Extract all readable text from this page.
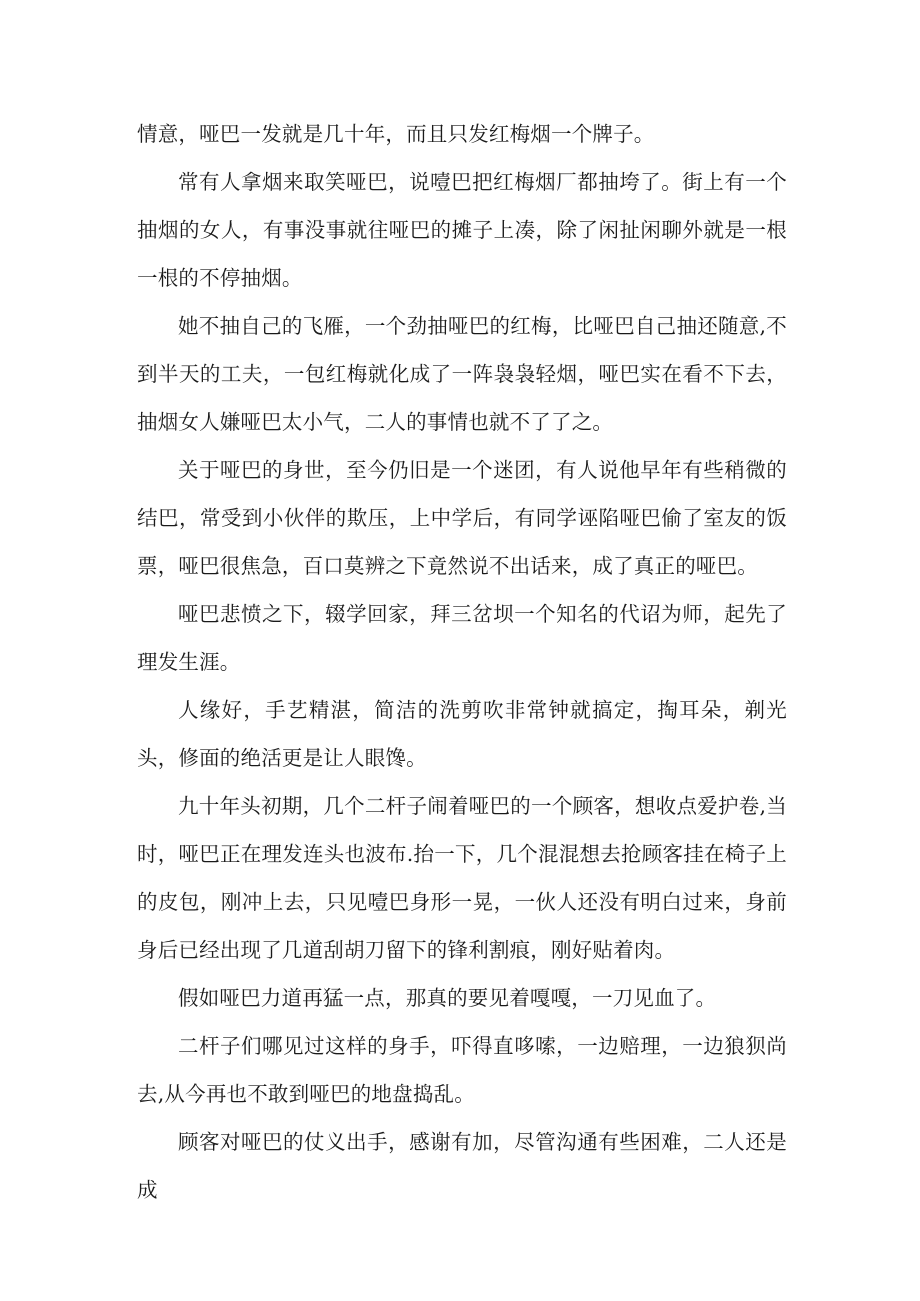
情意，哑巴一发就是几十年，而且只发红梅烟一个牌子。

常有人拿烟来取笑哑巴，说噎巴把红梅烟厂都抽垮了。街上有一个抽烟的女人，有事没事就往哑巴的摊子上凑，除了闲扯闲聊外就是一根一根的不停抽烟。

她不抽自己的飞雁，一个劲抽哑巴的红梅，比哑巴自己抽还随意,不到半天的工夫，一包红梅就化成了一阵袅袅轻烟，哑巴实在看不下去，抽烟女人嫌哑巴太小气，二人的事情也就不了了之。

关于哑巴的身世，至今仍旧是一个迷团，有人说他早年有些稍微的结巴，常受到小伙伴的欺压，上中学后，有同学诬陷哑巴偷了室友的饭票，哑巴很焦急，百口莫辨之下竟然说不出话来，成了真正的哑巴。

哑巴悲愤之下，辍学回家，拜三岔坝一个知名的代诏为师，起先了理发生涯。

人缘好，手艺精湛，简洁的洗剪吹非常钟就搞定，掏耳朵，剃光头，修面的绝活更是让人眼馋。

九十年头初期，几个二杆子闹着哑巴的一个顾客，想收点爱护卷,当时，哑巴正在理发连头也波布.抬一下，几个混混想去抢顾客挂在椅子上的皮包，刚冲上去，只见噎巴身形一晃，一伙人还没有明白过来，身前身后已经出现了几道刮胡刀留下的锋利割痕，刚好贴着肉。

假如哑巴力道再猛一点，那真的要见着嘎嘎，一刀见血了。

二杆子们哪见过这样的身手，吓得直哆嗦，一边赔理，一边狼狈尚去,从今再也不敢到哑巴的地盘捣乱。

顾客对哑巴的仗义出手，感谢有加，尽管沟通有些困难，二人还是成
